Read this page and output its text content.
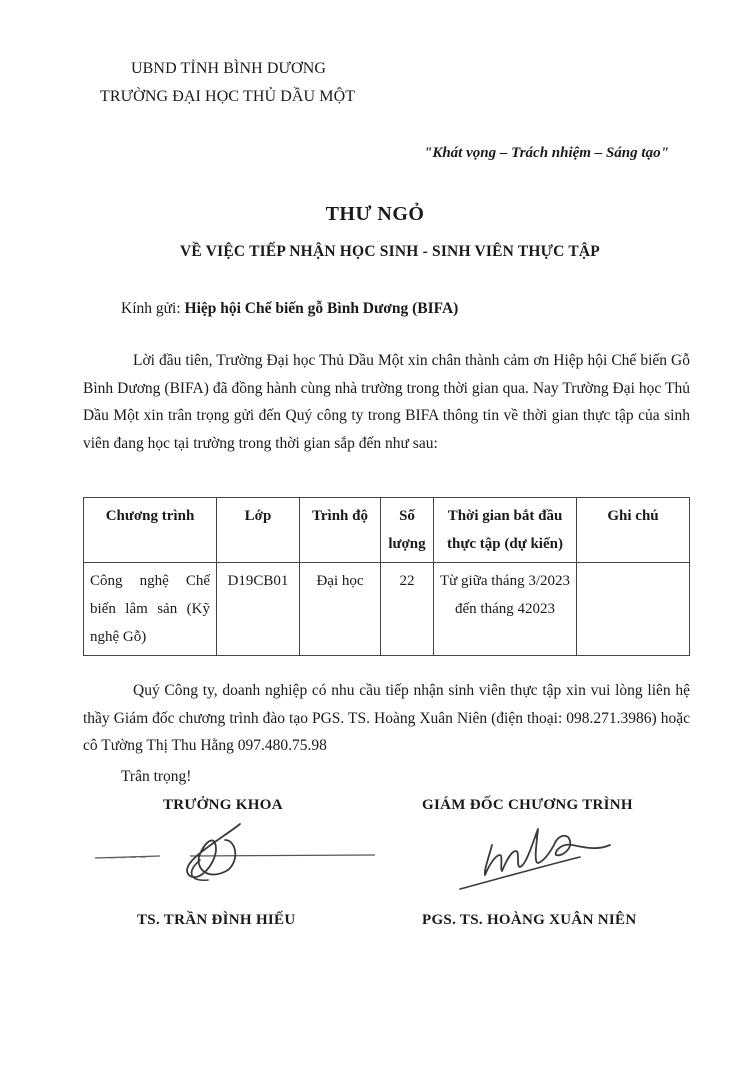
UBND TỈNH BÌNH DƯƠNG
TRƯỜNG ĐẠI HỌC THỦ DẦU MỘT
"Khát vọng – Trách nhiệm – Sáng tạo"
THƯ NGỎ
VỀ VIỆC TIẾP NHẬN HỌC SINH - SINH VIÊN THỰC TẬP
Kính gửi: Hiệp hội Chế biến gỗ Bình Dương (BIFA)
Lời đầu tiên, Trường Đại học Thủ Dầu Một xin chân thành cảm ơn Hiệp hội Chế biến Gỗ Bình Dương (BIFA) đã đồng hành cùng nhà trường trong thời gian qua. Nay Trường Đại học Thủ Dầu Một xin trân trọng gửi đến Quý công ty trong BIFA thông tin về thời gian thực tập của sinh viên đang học tại trường trong thời gian sắp đến như sau:
Chương trình	Lớp	Trình độ	Số lượng	Thời gian bắt đầu thực tập (dự kiến)	Ghi chú
Công nghệ Chế biến lâm sản (Kỹ nghệ Gỗ)	D19CB01	Đại học	22	Từ giữa tháng 3/2023 đến tháng 42023	
Quý Công ty, doanh nghiệp có nhu cầu tiếp nhận sinh viên thực tập xin vui lòng liên hệ thầy Giám đốc chương trình đào tạo PGS. TS. Hoàng Xuân Niên (điện thoại: 098.271.3986) hoặc cô Tường Thị Thu Hằng 097.480.75.98
Trân trọng!
TRƯỞNG KHOA	GIÁM ĐỐC CHƯƠNG TRÌNH
TS. TRẦN ĐÌNH HIẾU	PGS. TS. HOÀNG XUÂN NIÊN
